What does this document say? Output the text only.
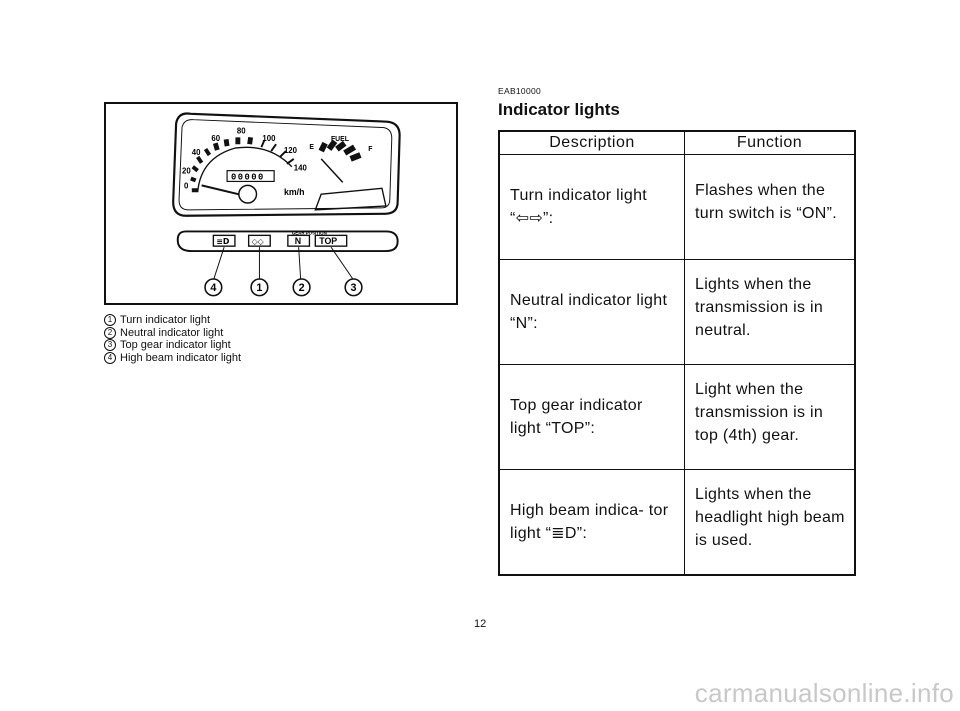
0
20
40
60
80
100
120
140
00000
km/h
FUEL
E	F
≡D	◇◇
GEAR POSITION
N TOP
4	1	2	3
1 Turn indicator light
2 Neutral indicator light
3 Top gear indicator light
4 High beam indicator light
EAB10000
Indicator lights
Description	Function
Turn indicator light “⇦⇨”:	Flashes when the turn switch is “ON”.
Neutral indicator light “N”:	Lights when the transmission is in neutral.
Top gear indicator light “TOP”:	Light when the transmission is in top (4th) gear.
High beam indica- tor light “≣D”:	Lights when the headlight high beam is used.
12
carmanualsonline.info
